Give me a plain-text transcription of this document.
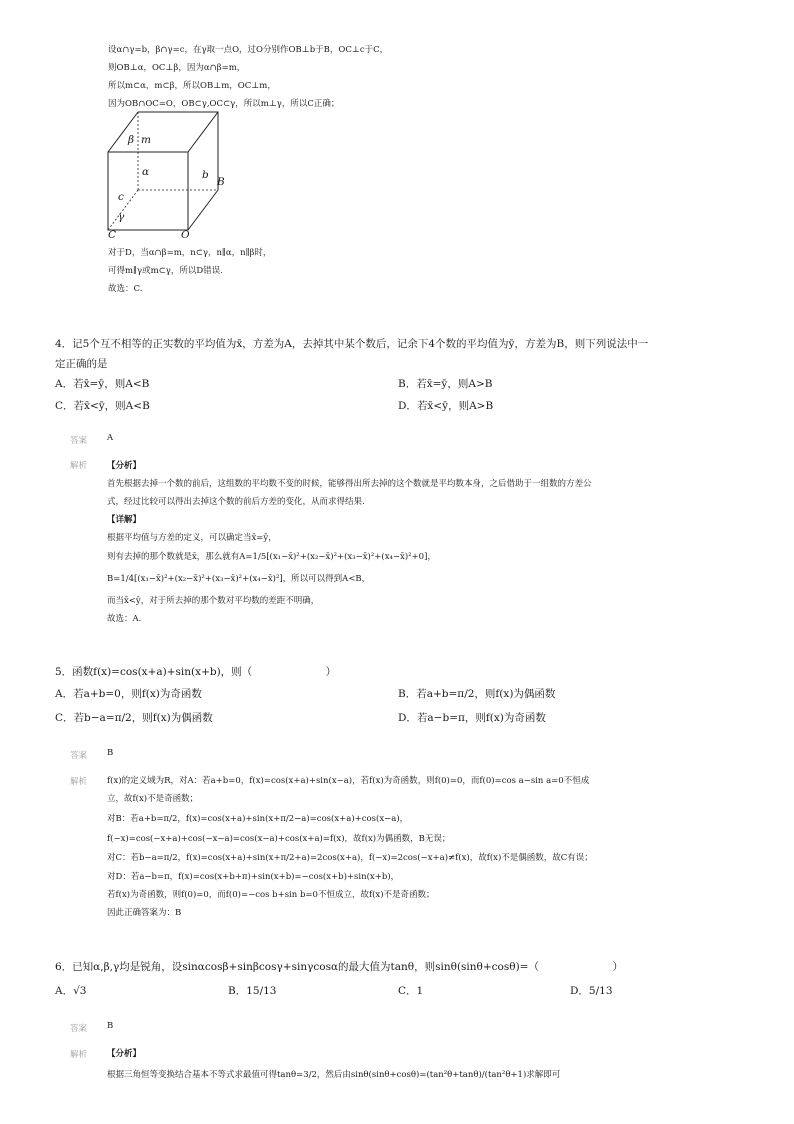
设α∩γ=b，β∩γ=c，在γ取一点O，过O分别作OB⊥b于B，OC⊥c于C，
则OB⊥α，OC⊥β，因为α∩β=m，
所以m⊂α，m⊂β，所以OB⊥m，OC⊥m，
因为OB∩OC=O，OB⊂γ,OC⊂γ，所以m⊥γ，所以C正确；
β m
α	b
B
c
γ
C	O
对于D，当α∩β=m，n⊂γ，n∥α，n∥β时，
可得m∥γ或m⊂γ，所以D错误.
故选：C.
4．记5个互不相等的正实数的平均值为x̄，方差为A，去掉其中某个数后，记余下4个数的平均值为ȳ，方差为B，则下列说法中一
定正确的是
A．若x̄=ȳ，则A<B	B．若x̄=ȳ，则A>B
C．若x̄<ȳ，则A<B	D．若x̄<ȳ，则A>B
答案 A
解析 【分析】
首先根据去掉一个数的前后，这组数的平均数不变的时候，能够得出所去掉的这个数就是平均数本身，之后借助于一组数的方差公
式，经过比较可以得出去掉这个数的前后方差的变化，从而求得结果.
【详解】
根据平均值与方差的定义，可以确定当x̄=ȳ，
则有去掉的那个数就是x̄，那么就有A=1/5[(x₁−x̄)²+(x₂−x̄)²+(x₃−x̄)²+(x₄−x̄)²+0]，
B=1/4[(x₁−x̄)²+(x₂−x̄)²+(x₃−x̄)²+(x₄−x̄)²]，所以可以得到A<B，
而当x̄<ȳ，对于所去掉的那个数对平均数的差距不明确，
故选：A.
5．函数f(x)=cos(x+a)+sin(x+b)，则（　　　　　　　）
A．若a+b=0，则f(x)为奇函数	B．若a+b=π/2，则f(x)为偶函数
C．若b−a=π/2，则f(x)为偶函数	D．若a−b=π，则f(x)为奇函数
答案 B
解析 f(x)的定义域为R，对A：若a+b=0，f(x)=cos(x+a)+sin(x−a)，若f(x)为奇函数，则f(0)=0，而f(0)=cos a−sin a=0不恒成
立，故f(x)不是奇函数；
对B：若a+b=π/2，f(x)=cos(x+a)+sin(x+π/2−a)=cos(x+a)+cos(x−a)，
f(−x)=cos(−x+a)+cos(−x−a)=cos(x−a)+cos(x+a)=f(x)，故f(x)为偶函数，B无误；
对C：若b−a=π/2，f(x)=cos(x+a)+sin(x+π/2+a)=2cos(x+a)，f(−x)=2cos(−x+a)≠f(x)，故f(x)不是偶函数，故C有误；
对D：若a−b=π，f(x)=cos(x+b+π)+sin(x+b)=−cos(x+b)+sin(x+b)，
若f(x)为奇函数，则f(0)=0，而f(0)=−cos b+sin b=0不恒成立，故f(x)不是奇函数；
因此正确答案为：B
6．已知α,β,γ均是锐角，设sinαcosβ+sinβcosγ+sinγcosα的最大值为tanθ，则sinθ(sinθ+cosθ)=（　　　　　　　）
A．√3	B．15/13	C．1	D．5/13
答案 B
解析 【分析】
根据三角恒等变换结合基本不等式求最值可得tanθ=3/2，然后由sinθ(sinθ+cosθ)=(tan²θ+tanθ)/(tan²θ+1)求解即可
